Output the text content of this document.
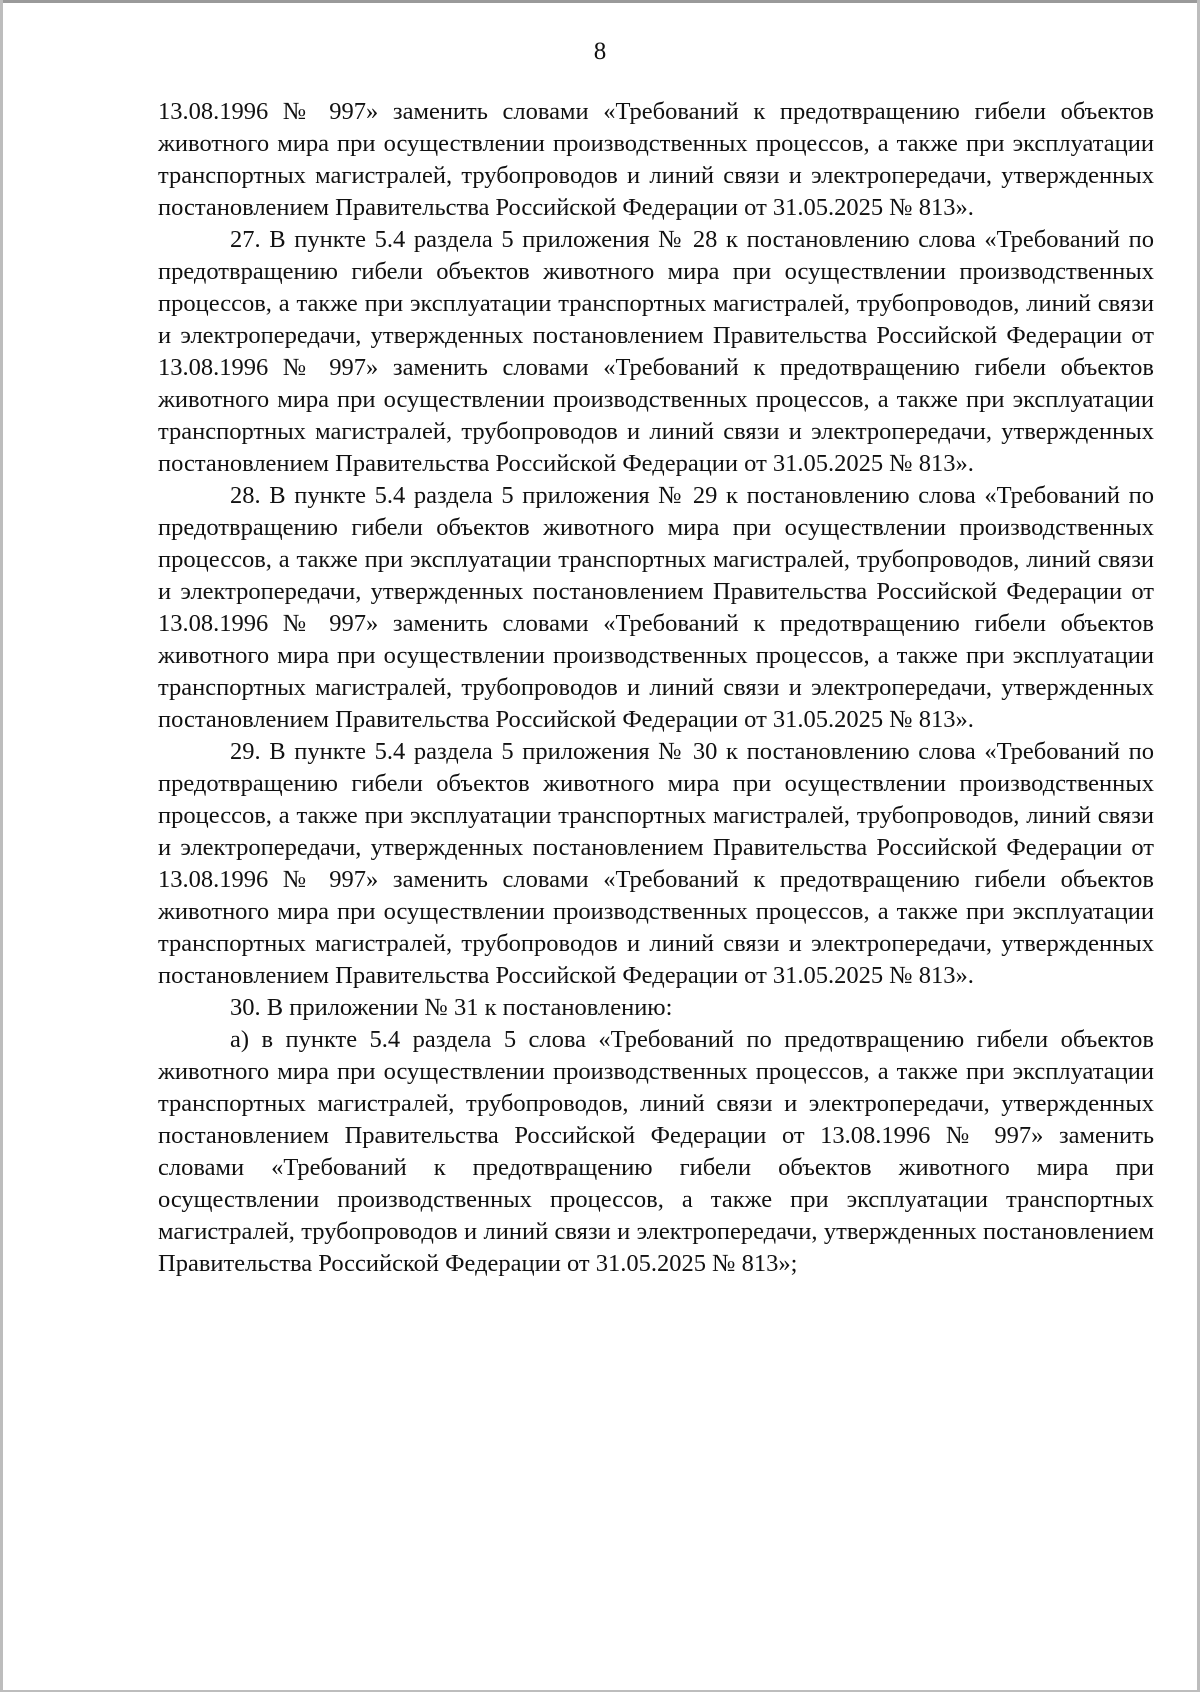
8

13.08.1996 № 997» заменить словами «Требований к предотвращению гибели объектов животного мира при осуществлении производственных процессов, а также при эксплуатации транспортных магистралей, трубопроводов и линий связи и электропередачи, утвержденных постановлением Правительства Российской Федерации от 31.05.2025 № 813».

27. В пункте 5.4 раздела 5 приложения № 28 к постановлению слова «Требований по предотвращению гибели объектов животного мира при осуществлении производственных процессов, а также при эксплуатации транспортных магистралей, трубопроводов, линий связи и электропередачи, утвержденных постановлением Правительства Российской Федерации от 13.08.1996 № 997» заменить словами «Требований к предотвращению гибели объектов животного мира при осуществлении производственных процессов, а также при эксплуатации транспортных магистралей, трубопроводов и линий связи и электропередачи, утвержденных постановлением Правительства Российской Федерации от 31.05.2025 № 813».

28. В пункте 5.4 раздела 5 приложения № 29 к постановлению слова «Требований по предотвращению гибели объектов животного мира при осуществлении производственных процессов, а также при эксплуатации транспортных магистралей, трубопроводов, линий связи и электропередачи, утвержденных постановлением Правительства Российской Федерации от 13.08.1996 № 997» заменить словами «Требований к предотвращению гибели объектов животного мира при осуществлении производственных процессов, а также при эксплуатации транспортных магистралей, трубопроводов и линий связи и электропередачи, утвержденных постановлением Правительства Российской Федерации от 31.05.2025 № 813».

29. В пункте 5.4 раздела 5 приложения № 30 к постановлению слова «Требований по предотвращению гибели объектов животного мира при осуществлении производственных процессов, а также при эксплуатации транспортных магистралей, трубопроводов, линий связи и электропередачи, утвержденных постановлением Правительства Российской Федерации от 13.08.1996 № 997» заменить словами «Требований к предотвращению гибели объектов животного мира при осуществлении производственных процессов, а также при эксплуатации транспортных магистралей, трубопроводов и линий связи и электропередачи, утвержденных постановлением Правительства Российской Федерации от 31.05.2025 № 813».

30. В приложении № 31 к постановлению:

а) в пункте 5.4 раздела 5 слова «Требований по предотвращению гибели объектов животного мира при осуществлении производственных процессов, а также при эксплуатации транспортных магистралей, трубопроводов, линий связи и электропередачи, утвержденных постановлением Правительства Российской Федерации от 13.08.1996 № 997» заменить словами «Требований к предотвращению гибели объектов животного мира при осуществлении производственных процессов, а также при эксплуатации транспортных магистралей, трубопроводов и линий связи и электропередачи, утвержденных постановлением Правительства Российской Федерации от 31.05.2025 № 813»;
